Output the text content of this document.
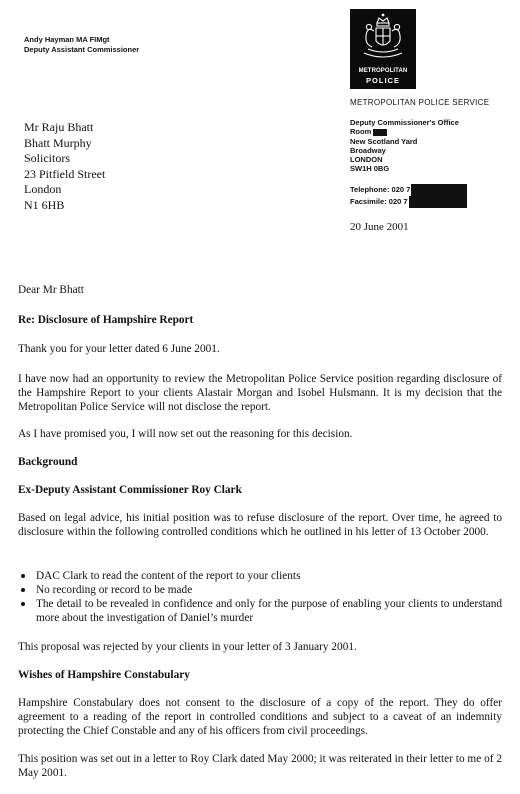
Andy Hayman MA FIMgt
Deputy Assistant Commissioner
METROPOLITAN
POLICE
METROPOLITAN POLICE SERVICE
Deputy Commissioner's Office
Room
New Scotland Yard
Broadway
LONDON
SW1H 0BG
Telephone: 020 7
Facsimile: 020 7
20 June 2001
Mr Raju Bhatt
Bhatt Murphy
Solicitors
23 Pitfield Street
London
N1 6HB

Dear Mr Bhatt

Re: Disclosure of Hampshire Report

Thank you for your letter dated 6 June 2001.

I have now had an opportunity to review the Metropolitan Police Service position regarding disclosure of the Hampshire Report to your clients Alastair Morgan and Isobel Hulsmann. It is my decision that the Metropolitan Police Service will not disclose the report.

As I have promised you, I will now set out the reasoning for this decision.

Background

Ex-Deputy Assistant Commissioner Roy Clark

Based on legal advice, his initial position was to refuse disclosure of the report. Over time, he agreed to disclosure within the following controlled conditions which he outlined in his letter of 13 October 2000.

DAC Clark to read the content of the report to your clients
No recording or record to be made
The detail to be revealed in confidence and only for the purpose of enabling your clients to understand more about the investigation of Daniel’s murder

This proposal was rejected by your clients in your letter of 3 January 2001.

Wishes of Hampshire Constabulary

Hampshire Constabulary does not consent to the disclosure of a copy of the report. They do offer agreement to a reading of the report in controlled conditions and subject to a caveat of an indemnity protecting the Chief Constable and any of his officers from civil proceedings.

This position was set out in a letter to Roy Clark dated May 2000; it was reiterated in their letter to me of 2 May 2001.
